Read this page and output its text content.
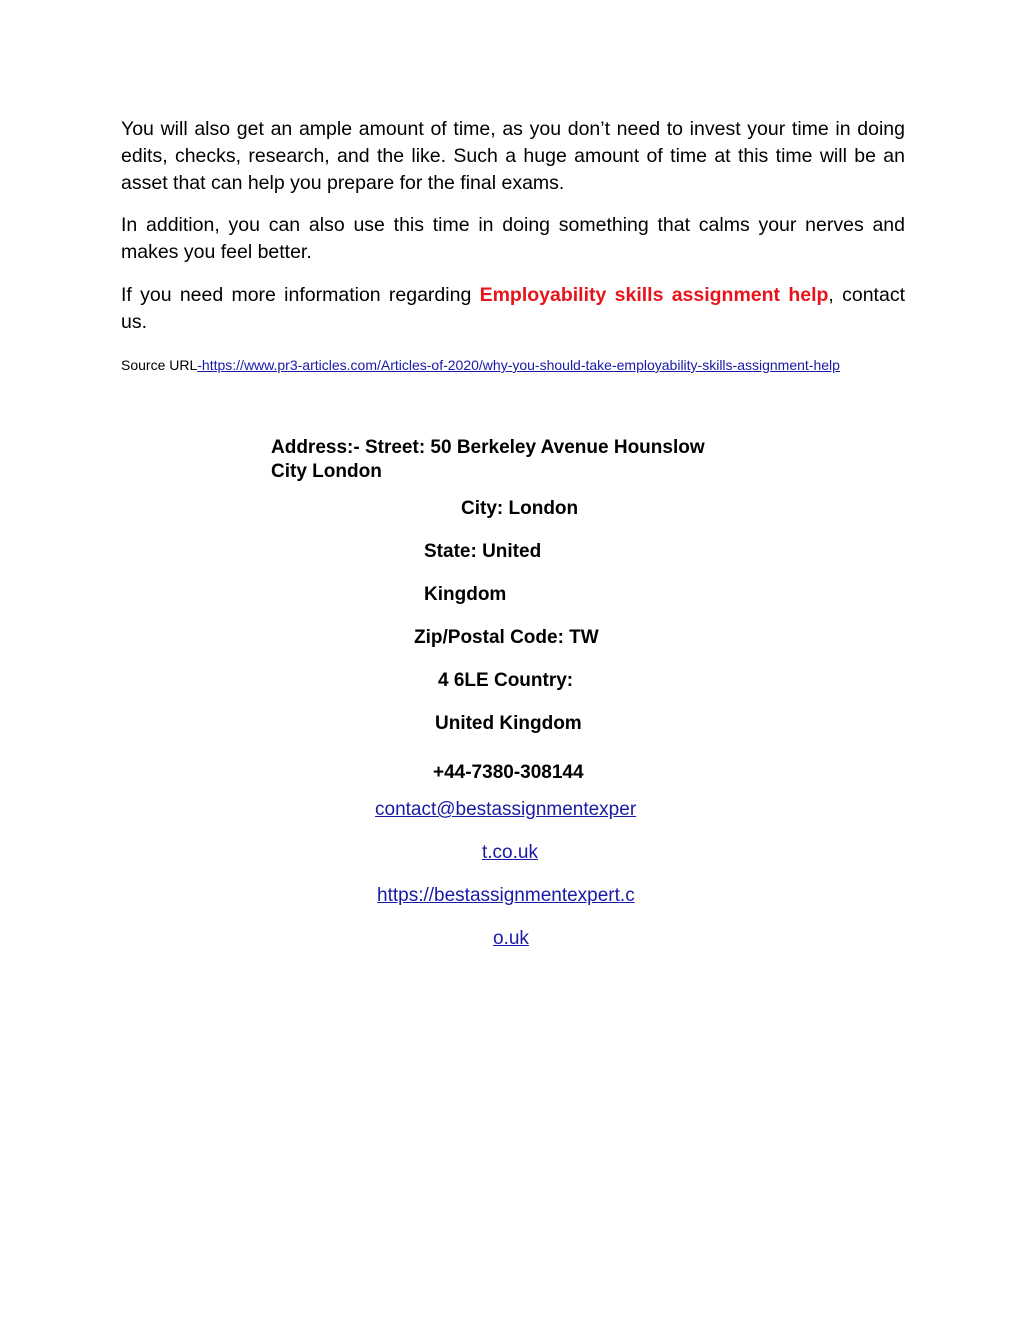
You will also get an ample amount of time, as you don’t need to invest your time in doing edits, checks, research, and the like. Such a huge amount of time at this time will be an asset that can help you prepare for the final exams.

In addition, you can also use this time in doing something that calms your nerves and makes you feel better.

If you need more information regarding Employability skills assignment help, contact us.

Source URL-https://www.pr3-articles.com/Articles-of-2020/why-you-should-take-employability-skills-assignment-help

Address:- Street: 50 Berkeley Avenue Hounslow City London

City: London
State: United
Kingdom
Zip/Postal Code: TW
4 6LE Country:
United Kingdom
+44-7380-308144
contact@bestassignmentexper
t.co.uk
https://bestassignmentexpert.c
o.uk
